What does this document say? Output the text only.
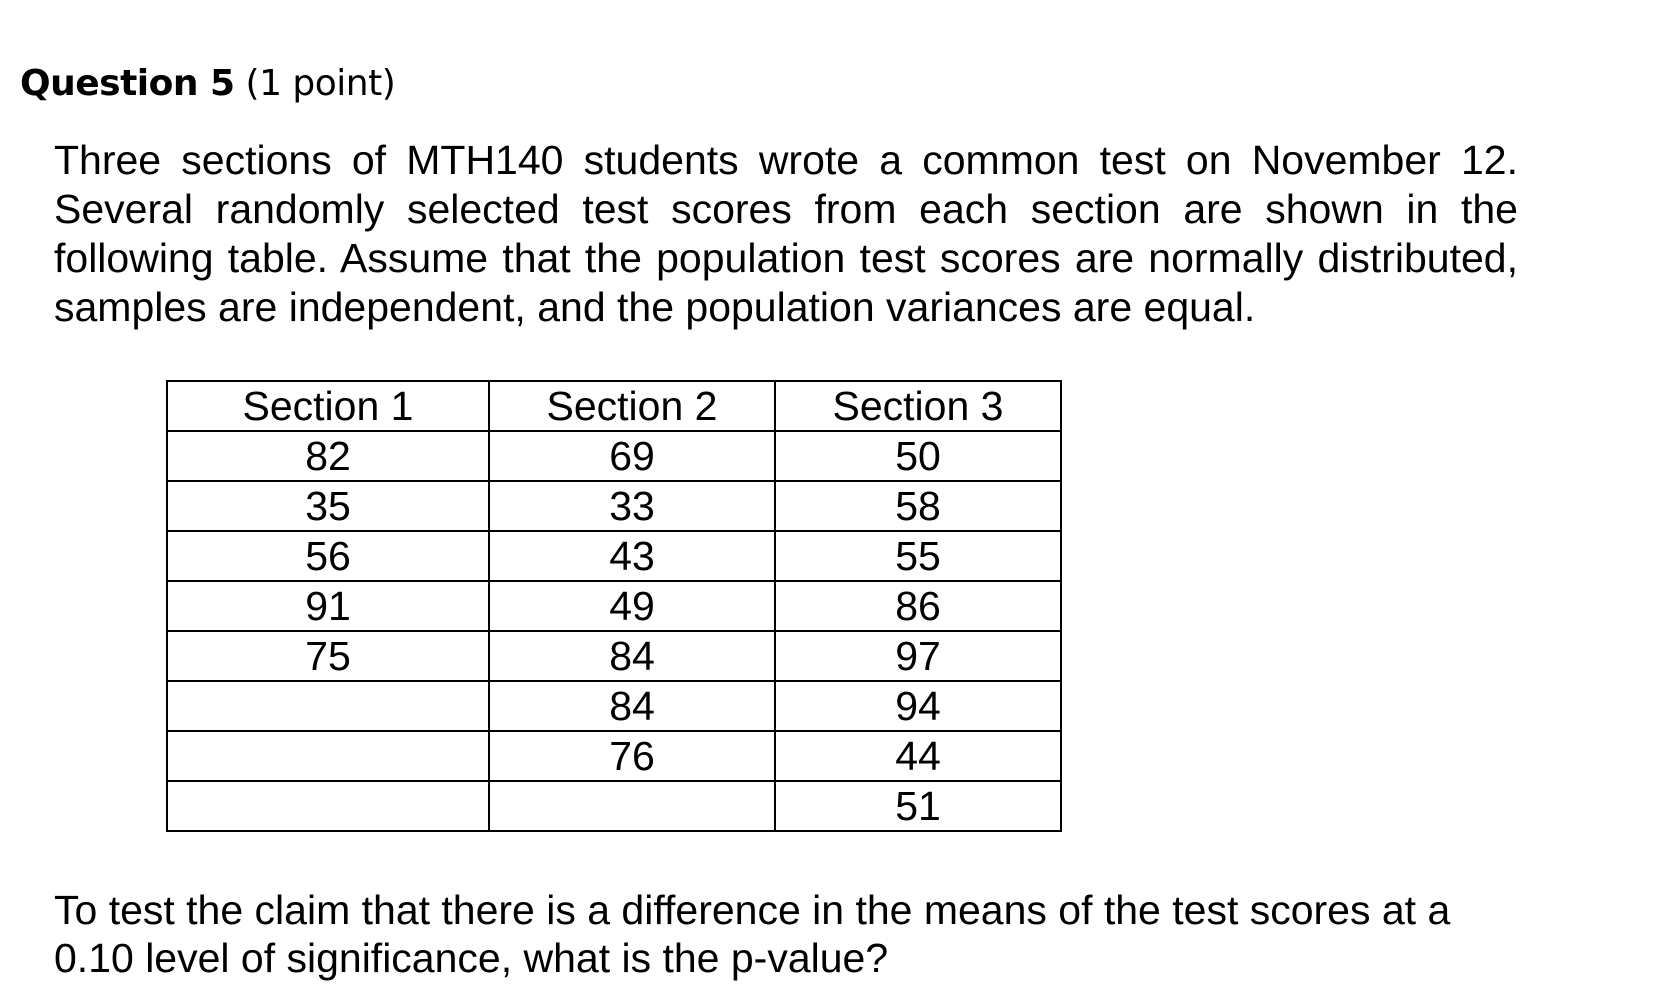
Question 5 (1 point)

Three sections of MTH140 students wrote a common test on November 12. Several randomly selected test scores from each section are shown in the following table. Assume that the population test scores are normally distributed, samples are independent, and the population variances are equal.

Section 1	Section 2	Section 3
82	69	50
35	33	58
56	43	55
91	49	86
75	84	97
	84	94
	76	44
		51

To test the claim that there is a difference in the means of the test scores at a 0.10 level of significance, what is the p-value?
